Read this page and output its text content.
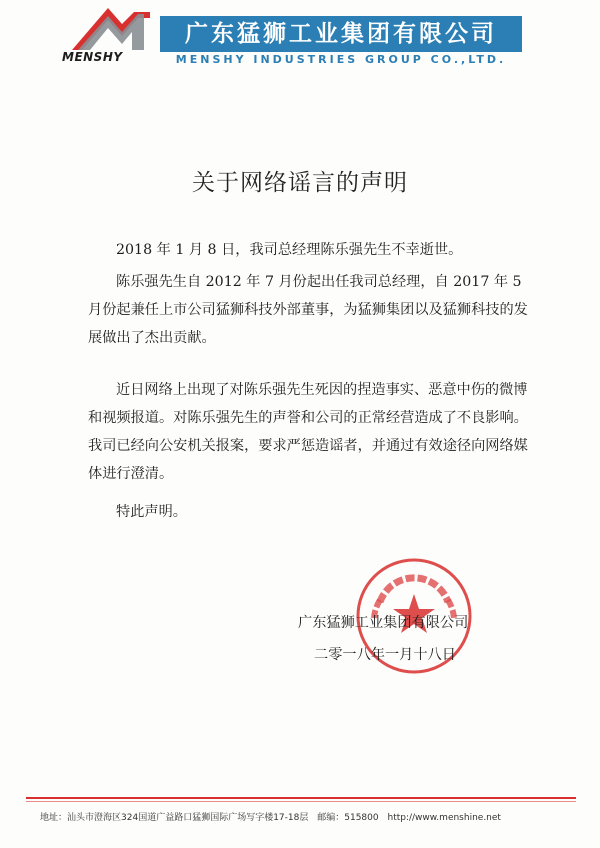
MENSHY
广东猛狮工业集团有限公司
MENSHY INDUSTRIES GROUP CO.,LTD.
关于网络谣言的声明

2018 年 1 月 8 日，我司总经理陈乐强先生不幸逝世。

陈乐强先生自 2012 年 7 月份起出任我司总经理，自 2017 年 5 月份起兼任上市公司猛狮科技外部董事，为猛狮集团以及猛狮科技的发展做出了杰出贡献。

近日网络上出现了对陈乐强先生死因的捏造事实、恶意中伤的微博和视频报道。对陈乐强先生的声誉和公司的正常经营造成了不良影响。我司已经向公安机关报案，要求严惩造谣者，并通过有效途径向网络媒体进行澄清。

特此声明。

广东猛狮工业集团有限公司
二零一八年一月十八日
地址：汕头市澄海区324国道广益路口猛狮国际广场写字楼17-18层 邮编：515800 http://www.menshine.net
